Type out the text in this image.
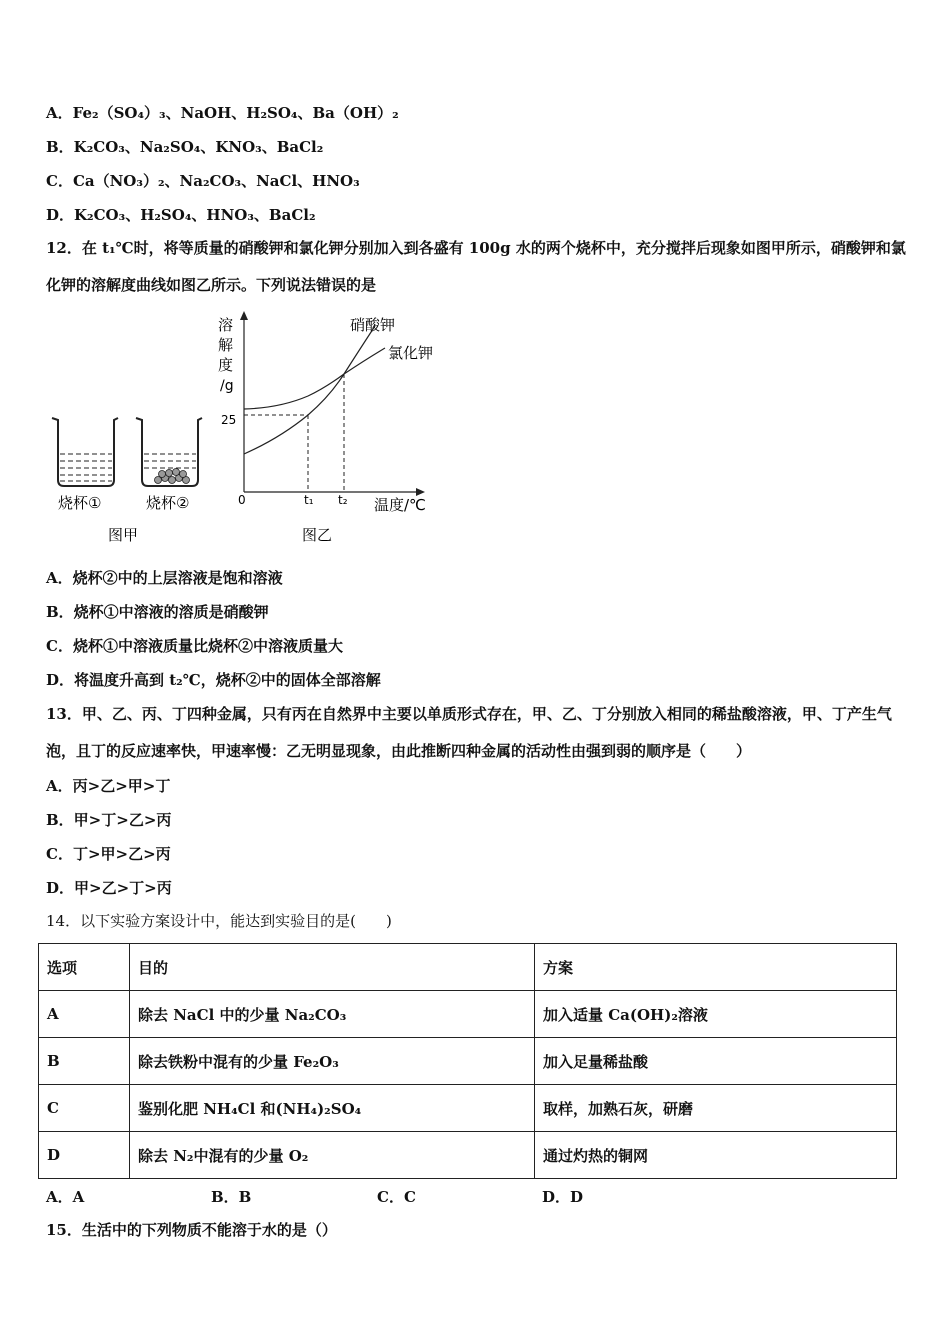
A．Fe₂（SO₄）₃、NaOH、H₂SO₄、Ba（OH）₂
B．K₂CO₃、Na₂SO₄、KNO₃、BaCl₂
C．Ca（NO₃）₂、Na₂CO₃、NaCl、HNO₃
D．K₂CO₃、H₂SO₄、HNO₃、BaCl₂
12．在 t₁℃时，将等质量的硝酸钾和氯化钾分别加入到各盛有 100g 水的两个烧杯中，充分搅拌后现象如图甲所示，硝酸钾和氯化钾的溶解度曲线如图乙所示。下列说法错误的是
烧杯①	烧杯②
图甲
溶
解
度
/g
25
0	t₁ t₂ 温度/℃
硝酸钾
氯化钾
图乙
A．烧杯②中的上层溶液是饱和溶液
B．烧杯①中溶液的溶质是硝酸钾
C．烧杯①中溶液质量比烧杯②中溶液质量大
D．将温度升高到 t₂℃，烧杯②中的固体全部溶解
13．甲、乙、丙、丁四种金属，只有丙在自然界中主要以单质形式存在，甲、乙、丁分别放入相同的稀盐酸溶液，甲、丁产生气泡，且丁的反应速率快，甲速率慢：乙无明显现象，由此推断四种金属的活动性由强到弱的顺序是（　　）
A．丙>乙>甲>丁
B．甲>丁>乙>丙
C．丁>甲>乙>丙
D．甲>乙>丁>丙
14．以下实验方案设计中，能达到实验目的是(　　)
选项	目的	方案
A	除去 NaCl 中的少量 Na₂CO₃	加入适量 Ca(OH)₂溶液
B	除去铁粉中混有的少量 Fe₂O₃	加入足量稀盐酸
C	鉴别化肥 NH₄Cl 和(NH₄)₂SO₄	取样，加熟石灰，研磨
D	除去 N₂中混有的少量 O₂	通过灼热的铜网
A．A	B．B	C．C	D．D
15．生活中的下列物质不能溶于水的是（）
